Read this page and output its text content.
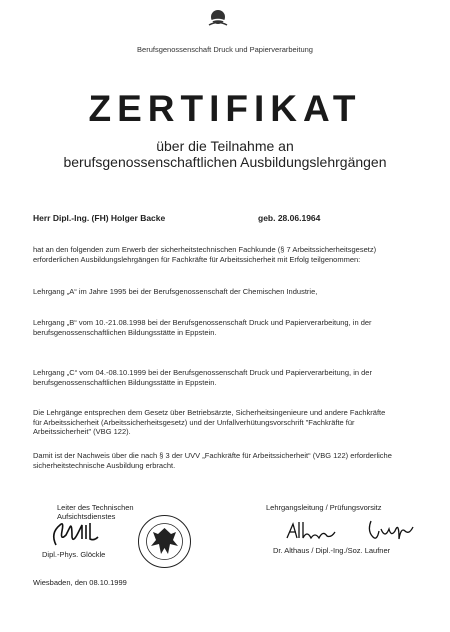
Berufsgenossenschaft Druck und Papierverarbeitung
ZERTIFIKAT
über die Teilnahme an
berufsgenossenschaftlichen Ausbildungslehrgängen
Herr Dipl.-Ing. (FH) Holger Backe	geb. 28.06.1964
hat an den folgenden zum Erwerb der sicherheitstechnischen Fachkunde (§ 7 Arbeitssicherheitsgesetz) erforderlichen Ausbildungslehrgängen für Fachkräfte für Arbeitssicherheit mit Erfolg teilgenommen:
Lehrgang „A“ im Jahre 1995 bei der Berufsgenossenschaft der Chemischen Industrie,
Lehrgang „B“ vom 10.-21.08.1998 bei der Berufsgenossenschaft Druck und Papierverarbeitung, in der berufsgenossenschaftlichen Bildungsstätte in Eppstein.
Lehrgang „C“ vom 04.-08.10.1999 bei der Berufsgenossenschaft Druck und Papierverarbeitung, in der berufsgenossenschaftlichen Bildungsstätte in Eppstein.
Die Lehrgänge entsprechen dem Gesetz über Betriebsärzte, Sicherheitsingenieure und andere Fachkräfte für Arbeitssicherheit (Arbeitssicherheitsgesetz) und der Unfallverhütungsvorschrift "Fachkräfte für Arbeitssicherheit" (VBG 122).
Damit ist der Nachweis über die nach § 3 der UVV „Fachkräfte für Arbeitssicherheit“ (VBG 122) erforderliche sicherheitstechnische Ausbildung erbracht.
Leiter des Technischen Aufsichtsdienstes
Lehrgangsleitung / Prüfungsvorsitz
Dipl.-Phys. Glöckle	Dr. Althaus / Dipl.-Ing./Soz. Laufner
Wiesbaden, den 08.10.1999
